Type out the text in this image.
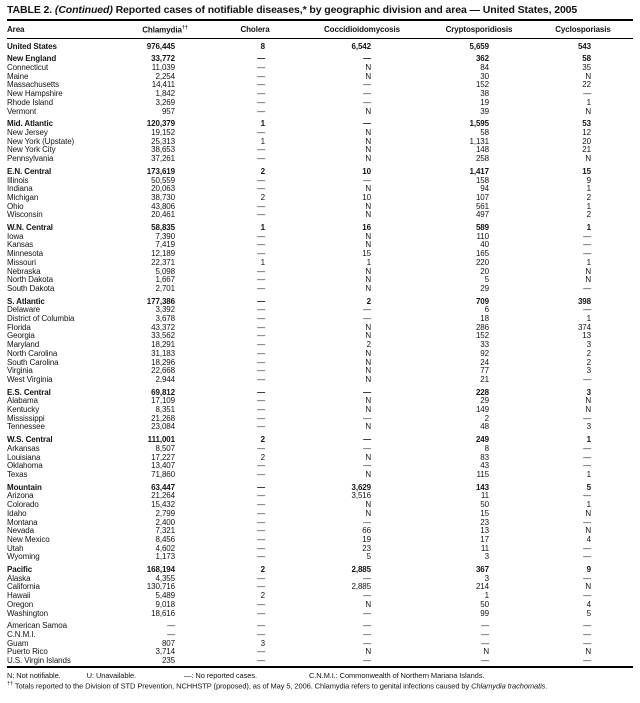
TABLE 2. (Continued) Reported cases of notifiable diseases,* by geographic division and area — United States, 2005
Area	Chlamydia††	Cholera	Coccidioidomycosis	Cryptosporidiosis	Cyclosporiasis

United States	976,445	8	6,542	5,659	543

New England	33,772	—	—	362	58
Connecticut	11,039	—	N	84	35
Maine	2,254	—	N	30	N
Massachusetts	14,411	—	—	152	22
New Hampshire	1,842	—	—	38	—
Rhode Island	3,269	—	—	19	1
Vermont	957	—	N	39	N

Mid. Atlantic	120,379	1	—	1,595	53
New Jersey	19,152	—	N	58	12
New York (Upstate)	25,313	1	N	1,131	20
New York City	38,653	—	N	148	21
Pennsylvania	37,261	—	N	258	N

E.N. Central	173,619	2	10	1,417	15
Illinois	50,559	—	—	158	9
Indiana	20,063	—	N	94	1
Michigan	38,730	2	10	107	2
Ohio	43,806	—	N	561	1
Wisconsin	20,461	—	N	497	2

W.N. Central	58,835	1	16	589	1
Iowa	7,390	—	N	110	—
Kansas	7,419	—	N	40	—
Minnesota	12,189	—	15	165	—
Missouri	22,371	1	1	220	1
Nebraska	5,098	—	N	20	N
North Dakota	1,667	—	N	5	N
South Dakota	2,701	—	N	29	—

S. Atlantic	177,386	—	2	709	398
Delaware	3,392	—	—	6	—
District of Columbia	3,678	—	—	18	1
Florida	43,372	—	N	286	374
Georgia	33,562	—	N	152	13
Maryland	18,291	—	2	33	3
North Carolina	31,183	—	N	92	2
South Carolina	18,296	—	N	24	2
Virginia	22,668	—	N	77	3
West Virginia	2,944	—	N	21	—

E.S. Central	69,812	—	—	228	3
Alabama	17,109	—	N	29	N
Kentucky	8,351	—	N	149	N
Mississippi	21,268	—	—	2	—
Tennessee	23,084	—	N	48	3

W.S. Central	111,001	2	—	249	1
Arkansas	8,507	—	—	8	—
Louisiana	17,227	2	N	83	—
Oklahoma	13,407	—	—	43	—
Texas	71,860	—	N	115	1

Mountain	63,447	—	3,629	143	5
Arizona	21,264	—	3,516	11	—
Colorado	15,432	—	N	50	1
Idaho	2,799	—	N	15	N
Montana	2,400	—	—	23	—
Nevada	7,321	—	66	13	N
New Mexico	8,456	—	19	17	4
Utah	4,602	—	23	11	—
Wyoming	1,173	—	5	3	—

Pacific	168,194	2	2,885	367	9
Alaska	4,355	—	—	3	—
California	130,716	—	2,885	214	N
Hawaii	5,489	2	—	1	—
Oregon	9,018	—	N	50	4
Washington	18,616	—	—	99	5

American Samoa	—	—	—	—	—
C.N.M.I.	—	—	—	—	—
Guam	807	3	—	—	—
Puerto Rico	3,714	—	N	N	N
U.S. Virgin Islands	235	—	—	—	—
N: Not notifiable.	U: Unavailable.	—: No reported cases.	C.N.M.I.: Commonwealth of Northern Mariana Islands.
†† Totals reported to the Division of STD Prevention, NCHHSTP (proposed), as of May 5, 2006. Chlamydia refers to genital infections caused by Chlamydia trachomatis.
